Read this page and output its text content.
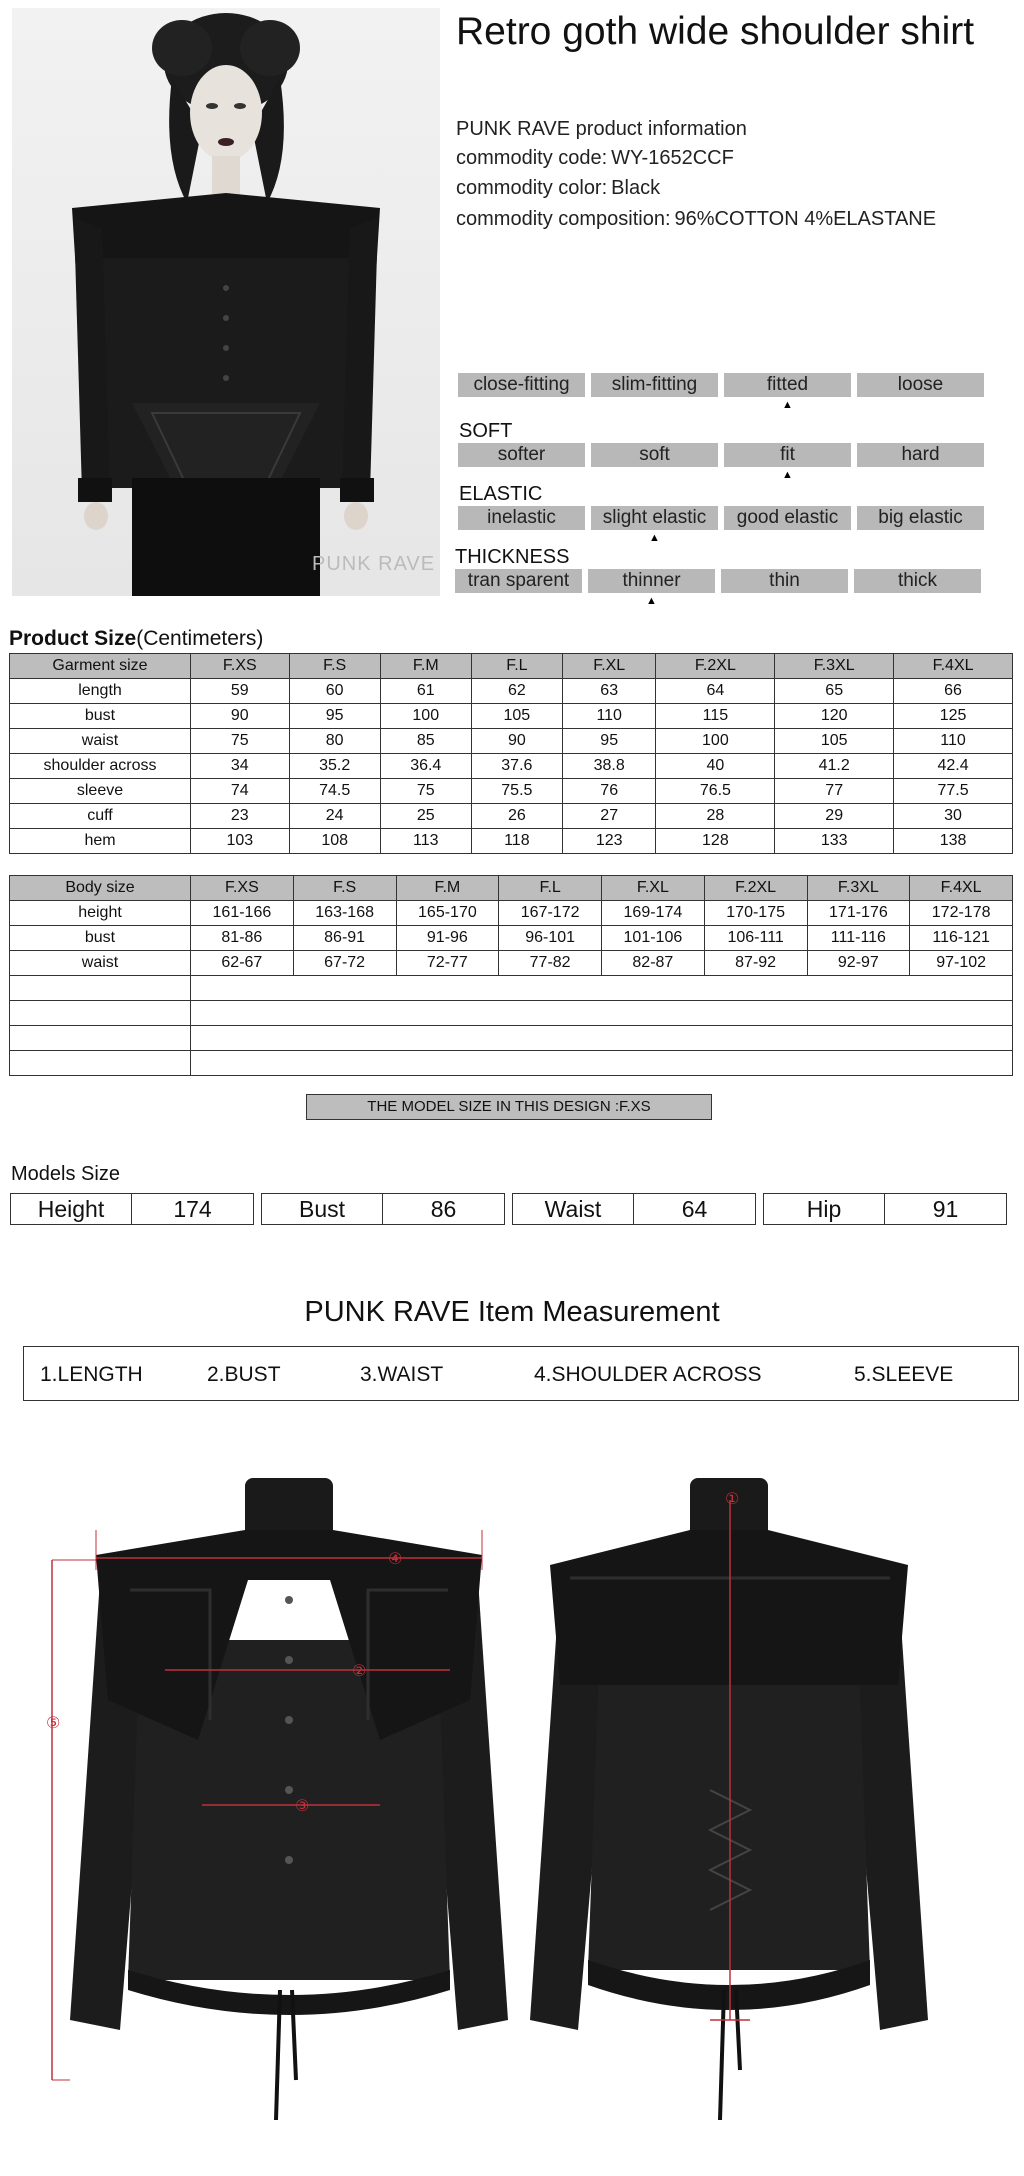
PUNK RAVE
Retro goth wide shoulder shirt
PUNK RAVE product information
commodity code: WY-1652CCF
commodity color: Black
commodity composition: 96%COTTON 4%ELASTANE
close-fitting	slim-fitting	fitted
▲
loose
SOFT
softer	soft	fit
▲
hard
ELASTIC
inelastic	slight elastic
▲
good elastic	big elastic
THICKNESS
tran sparent	thinner
▲
thin	thick
Product Size(Centimeters)
Garment size	F.XS	F.S	F.M	F.L	F.XL	F.2XL	F.3XL	F.4XL
length	59	60	61	62	63	64	65	66
bust	90	95	100	105	110	115	120	125
waist	75	80	85	90	95	100	105	110
shoulder across	34	35.2	36.4	37.6	38.8	40	41.2	42.4
sleeve	74	74.5	75	75.5	76	76.5	77	77.5
cuff	23	24	25	26	27	28	29	30
hem	103	108	113	118	123	128	133	138
Body size	F.XS	F.S	F.M	F.L	F.XL	F.2XL	F.3XL	F.4XL
height	161-166	163-168	165-170	167-172	169-174	170-175	171-176	172-178
bust	81-86	86-91	91-96	96-101	101-106	106-111	111-116	116-121
waist	62-67	67-72	72-77	77-82	82-87	87-92	92-97	97-102

THE MODEL SIZE IN THIS DESIGN :F.XS
Models Size
Height	174	Bust	86	Waist	64	Hip	91
PUNK RAVE Item Measurement
1.LENGTH	2.BUST	3.WAIST	4.SHOULDER ACROSS	5.SLEEVE
①
②
③
④
⑤
